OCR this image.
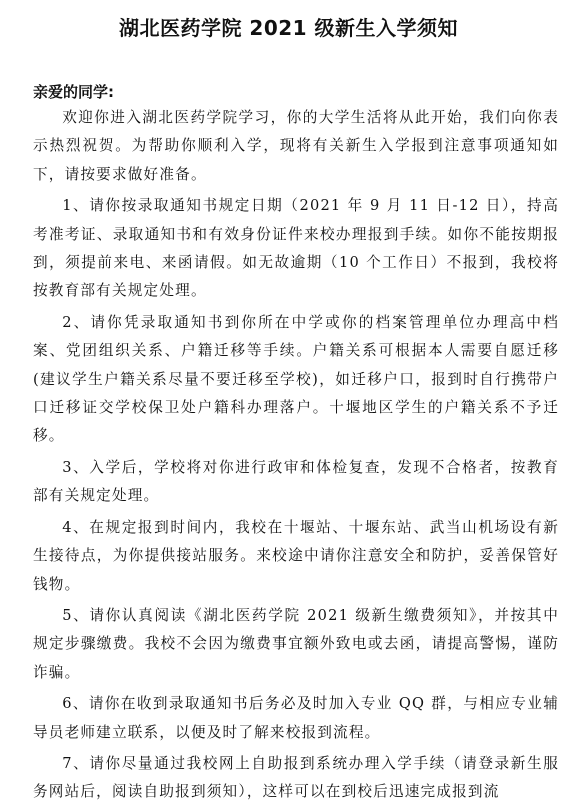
湖北医药学院 2021 级新生入学须知
亲爱的同学:

欢迎你进入湖北医药学院学习，你的大学生活将从此开始，我们向你表示热烈祝贺。为帮助你顺利入学，现将有关新生入学报到注意事项通知如下，请按要求做好准备。

1、请你按录取通知书规定日期（2021 年 9 月 11 日-12 日），持高考准考证、录取通知书和有效身份证件来校办理报到手续。如你不能按期报到，须提前来电、来函请假。如无故逾期（10 个工作日）不报到，我校将按教育部有关规定处理。

2、请你凭录取通知书到你所在中学或你的档案管理单位办理高中档案、党团组织关系、户籍迁移等手续。户籍关系可根据本人需要自愿迁移(建议学生户籍关系尽量不要迁移至学校)，如迁移户口，报到时自行携带户口迁移证交学校保卫处户籍科办理落户。十堰地区学生的户籍关系不予迁移。

3、入学后，学校将对你进行政审和体检复查，发现不合格者，按教育部有关规定处理。

4、在规定报到时间内，我校在十堰站、十堰东站、武当山机场设有新生接待点，为你提供接站服务。来校途中请你注意安全和防护，妥善保管好钱物。

5、请你认真阅读《湖北医药学院 2021 级新生缴费须知》，并按其中规定步骤缴费。我校不会因为缴费事宜额外致电或去函，请提高警惕，谨防诈骗。

6、请你在收到录取通知书后务必及时加入专业 QQ 群，与相应专业辅导员老师建立联系，以便及时了解来校报到流程。

7、请你尽量通过我校网上自助报到系统办理入学手续（请登录新生服务网站后，阅读自助报到须知），这样可以在到校后迅速完成报到流
